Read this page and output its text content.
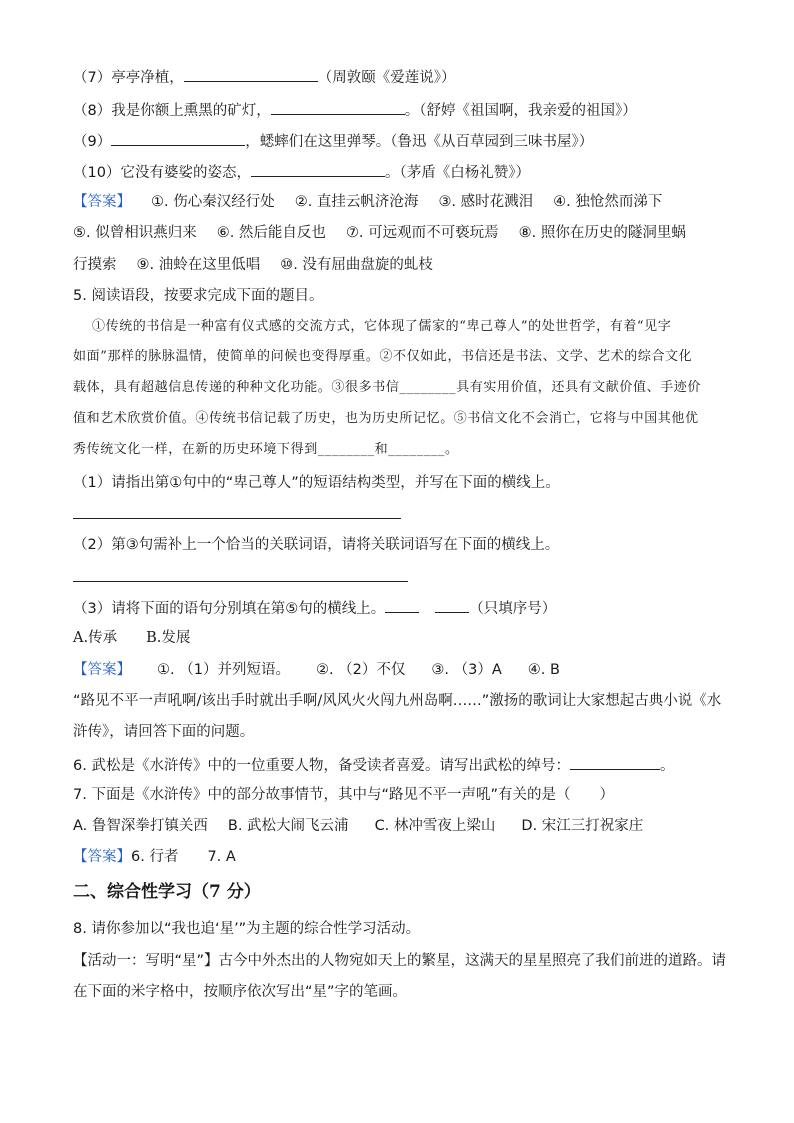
（7）亭亭净植，	（周敦颐《爱莲说》）
（8）我是你额上熏黑的矿灯，	。（舒婷《祖国啊，我亲爱的祖国》）
（9）	，蟋蟀们在这里弹琴。（鲁迅《从百草园到三味书屋》）
（10）它没有婆娑的姿态，	。（茅盾《白杨礼赞》）
【答案】 ①. 伤心秦汉经行处 ②. 直挂云帆济沧海 ③. 感时花溅泪 ④. 独怆然而涕下
⑤. 似曾相识燕归来 ⑥. 然后能自反也 ⑦. 可远观而不可亵玩焉 ⑧. 照你在历史的隧洞里蜗
行摸索 ⑨. 油蛉在这里低唱 ⑩. 没有屈曲盘旋的虬枝
5. 阅读语段，按要求完成下面的题目。
①传统的书信是一种富有仪式感的交流方式，它体现了儒家的“卑己尊人”的处世哲学，有着“见字
如面”那样的脉脉温情，使简单的问候也变得厚重。②不仅如此，书信还是书法、文学、艺术的综合文化
载体，具有超越信息传递的种种文化功能。③很多书信________具有实用价值，还具有文献价值、手迹价
值和艺术欣赏价值。④传统书信记载了历史，也为历史所记忆。⑤书信文化不会消亡，它将与中国其他优
秀传统文化一样，在新的历史环境下得到________和________。
（1）请指出第①句中的“卑己尊人”的短语结构类型，并写在下面的横线上。
（2）第③句需补上一个恰当的关联词语，请将关联词语写在下面的横线上。
（3）请将下面的语句分别填在第⑤句的横线上。	（只填序号）
A.传承　　B.发展
【答案】 ①. （1）并列短语。 ②. （2）不仅 ③. （3）A ④. B
“路见不平一声吼啊/该出手时就出手啊/风风火火闯九州岛啊……”激扬的歌词让大家想起古典小说《水
浒传》，请回答下面的问题。
6. 武松是《水浒传》中的一位重要人物，备受读者喜爱。请写出武松的绰号：	。
7. 下面是《水浒传》中的部分故事情节，其中与“路见不平一声吼”有关的是（　　）
A. 鲁智深拳打镇关西 B. 武松大闹飞云浦 C. 林冲雪夜上梁山 D. 宋江三打祝家庄
【答案】6. 行者　　7. A
二、综合性学习（7 分）
8. 请你参加以“我也追‘星’”为主题的综合性学习活动。
【活动一：写明“星”】古今中外杰出的人物宛如天上的繁星，这满天的星星照亮了我们前进的道路。请
在下面的米字格中，按顺序依次写出“星”字的笔画。
